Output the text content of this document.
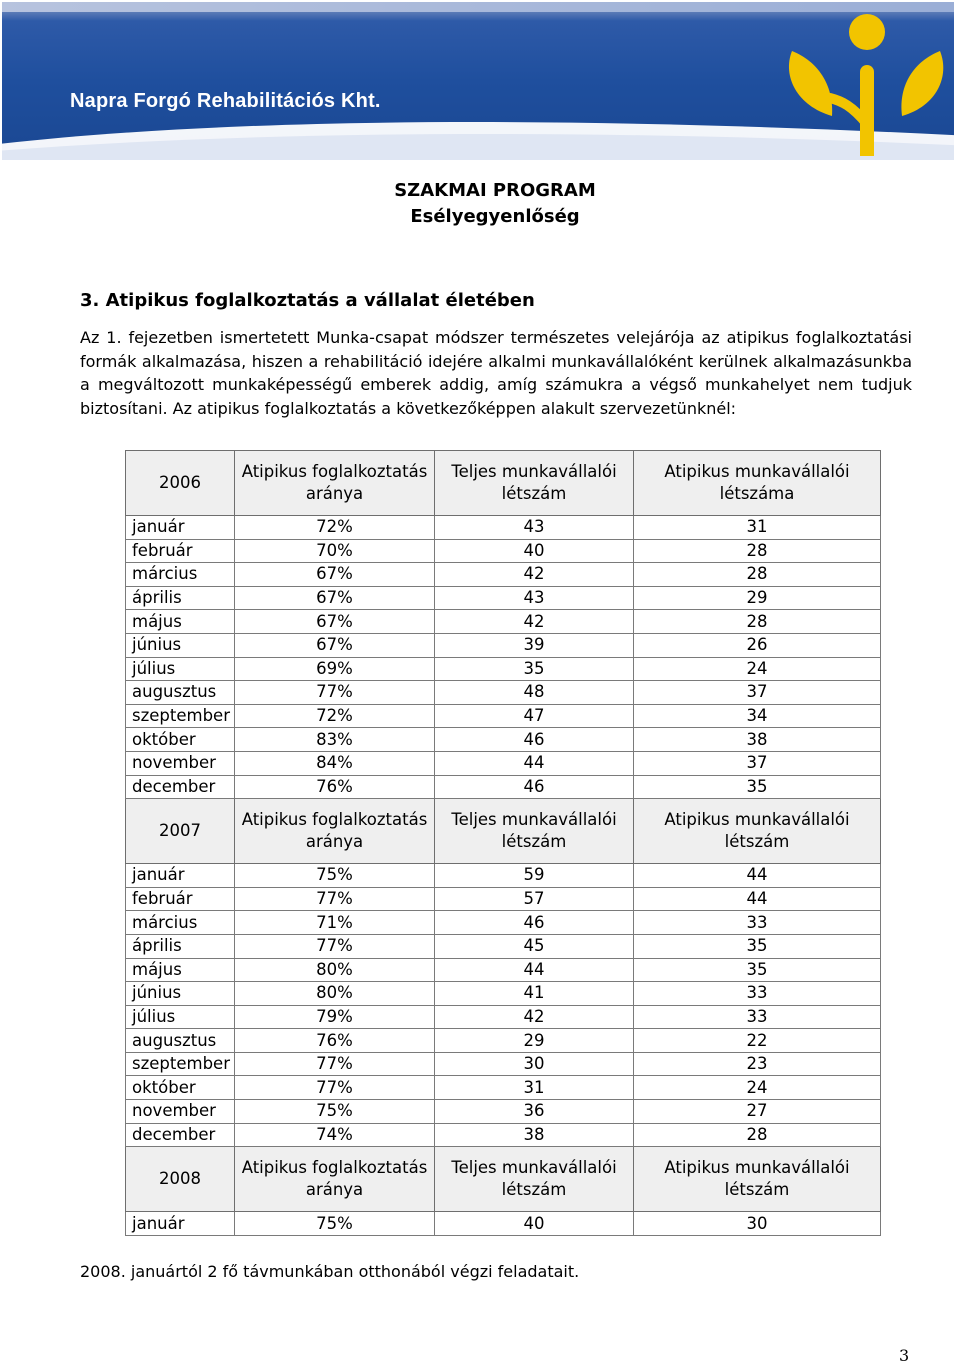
Napra Forgó Rehabilitációs Kht.
SZAKMAI PROGRAM
Esélyegyenlőség
3. Atipikus foglalkoztatás a vállalat életében
Az 1. fejezetben ismertetett Munka-csapat módszer természetes velejárója az atipikus foglalkoztatási formák alkalmazása, hiszen a rehabilitáció idejére alkalmi munkavállalóként kerülnek alkalmazásunkba a megváltozott munkaképességű emberek addig, amíg számukra a végső munkahelyet nem tudjuk biztosítani. Az atipikus foglalkoztatás a következőképpen alakult szervezetünknél:
2006	Atipikus foglalkoztatás aránya	Teljes munkavállalói létszám	Atipikus munkavállalói létszáma
január	72%	43	31
február	70%	40	28
március	67%	42	28
április	67%	43	29
május	67%	42	28
június	67%	39	26
július	69%	35	24
augusztus	77%	48	37
szeptember	72%	47	34
október	83%	46	38
november	84%	44	37
december	76%	46	35
2007	Atipikus foglalkoztatás aránya	Teljes munkavállalói létszám	Atipikus munkavállalói létszám
január	75%	59	44
február	77%	57	44
március	71%	46	33
április	77%	45	35
május	80%	44	35
június	80%	41	33
július	79%	42	33
augusztus	76%	29	22
szeptember	77%	30	23
október	77%	31	24
november	75%	36	27
december	74%	38	28
2008	Atipikus foglalkoztatás aránya	Teljes munkavállalói létszám	Atipikus munkavállalói létszám
január	75%	40	30
2008. januártól 2 fő távmunkában otthonából végzi feladatait.
3
